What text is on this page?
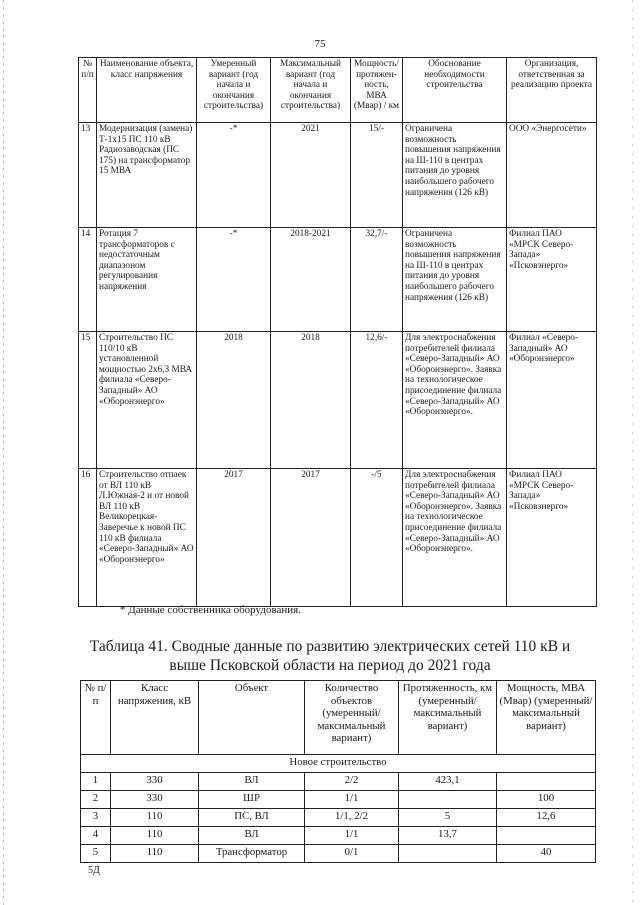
75
№ п/п	Наименование объекта, класс напряжения	Умеренный вариант (год начала и окончания строительства)	Максимальный вариант (год начала и окончания строительства)	Мощность/ протяжен- ность, МВА (Мвар) / км	Обоснование необходимости строительства	Организация, ответственная за реализацию проекта
13	Модернизация (замена) Т-1х15 ПС 110 кВ Радиозаводская (ПС 175) на трансформатор 15 МВА	-*	2021	15/-	Ограничена возможность повышения напряжения на Ш-110 в центрах питания до уровня наибольшего рабочего напряжения (126 кВ)	ООО «Энергосети»
14	Ротация 7 трансформаторов с недостаточным диапазоном регулирования напряжения	-*	2018-2021	32,7/-	Ограничена возможность повышения напряжения на Ш-110 в центрах питания до уровня наибольшего рабочего напряжения (126 кВ)	Филиал ПАО «МРСК Северо-Запада» «Псковэнерго»
15	Строительство ПС 110/10 кВ установленной мощностью 2х6,3 МВА филиала «Северо-Западный» АО «Оборонэнерго»	2018	2018	12,6/-	Для электроснабжения потребителей филиала «Северо-Западный» АО «Оборонэнерго». Заявка на технологическое присоединение филиала «Северо-Западный» АО «Оборонэнерго».	Филиал «Северо-Западный» АО «Оборонэнерго»
16	Строительство отпаек от ВЛ 110 кВ Л.Южная-2 и от новой ВЛ 110 кВ Великорецкая-Заверечье к новой ПС 110 кВ филиала «Северо-Западный» АО «Оборонэнерго»	2017	2017	-/5	Для электроснабжения потребителей филиала «Северо-Западный» АО «Оборонэнерго». Заявка на технологическое присоединение филиала «Северо-Западный» АО «Оборонэнерго».	Филиал ПАО «МРСК Северо-Запада» «Псковэнерго»
* Данные собственника оборудования.
Таблица 41. Сводные данные по развитию электрических сетей 110 кВ и выше Псковской области на период до 2021 года
№ п/п	Класс напряжения, кВ	Объект	Количество объектов (умеренный/ максимальный вариант)	Протяженность, км (умеренный/ максимальный вариант)	Мощность, МВА (Мвар) (умеренный/ максимальный вариант)
Новое строительство					
1	330	ВЛ	2/2	423,1	
2	330	ШР	1/1		100
3	110	ПС, ВЛ	1/1, 2/2	5	12,6
4	110	ВЛ	1/1	13,7	
5	110	Трансформатор	0/1		40
5Д
